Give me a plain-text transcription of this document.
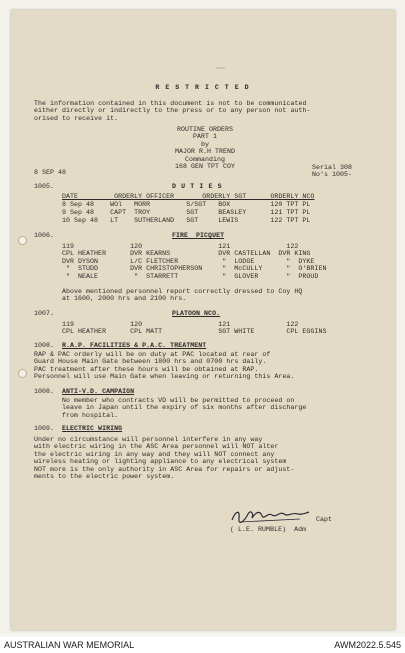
~~~
R E S T R I C T E D
The information contained in this document is not to be communicated
either directly or indirectly to the press or to any person not auth-
orised to receive it.
ROUTINE ORDERS
PART 1
by
MAJOR R.H TREND
Commanding
168 GEN TPT COY
8 SEP 48
Serial 308
No's 1005-
1005.	D U T I E S
DATE         ORDERLY OFFICER       ORDERLY SGT      ORDERLY NCO
8 Sep 48    WOl   MORR         S/SGT   BOX          120 TPT PL
9 Sep 48    CAPT  TROY         SGT     BEASLEY      121 TPT PL
10 Sep 48   LT    SUTHERLAND   SGT     LEWIS        122 TPT PL
1006.	FIRE  PICQUET
119              120                   121              122
CPL HEATHER      DVR KEARNS            DVR CASTELLAN  DVR KING
DVR DYSON        L/C FLETCHER           "  LODGE        "  DYKE
"  STUDD        DVR CHRISTOPHERSON     "  McCULLY      "  O'BRIEN
"  NEALE         "  STARRETT           "  GLOVER       "  PROUD
Above mentioned personnel report correctly dressed to Coy HQ
at 1600, 2000 hrs and 2100 hrs.
1007.	PLATOON NCO.
119              120                   121              122
CPL HEATHER      CPL MATT              SGT WHITE        CPL EGGINS
1008. R.A.P. FACILITIES & P.A.C. TREATMENT
RAP & PAC orderly will be on duty at PAC located at rear of
Guard House Main Gate between 1800 hrs and 0700 hrs daily.
PAC treatment after these hours will be obtained at RAP.
Personnel will use Main Gate when leaving or returning this Area.
1008. ANTI-V.D. CAMPAIGN
No member who contracts VD will be permitted to proceed on
leave in Japan until the expiry of six months after discharge
from hospital.
1009. ELECTRIC WIRING
Under no circumstance will personnel interfere in any way
with electric wiring in the ASC Area personnel will NOT alter
the electric wiring in any way and they will NOT connect any
wireless heating or lighting appliance to any electrical system
NOT more is the only authority in ASC Area for repairs or adjust-
ments to the electric power system.
Capt
( L.E. RUMBLE)  Adm
AUSTRALIAN WAR MEMORIAL	AWM2022.5.545
